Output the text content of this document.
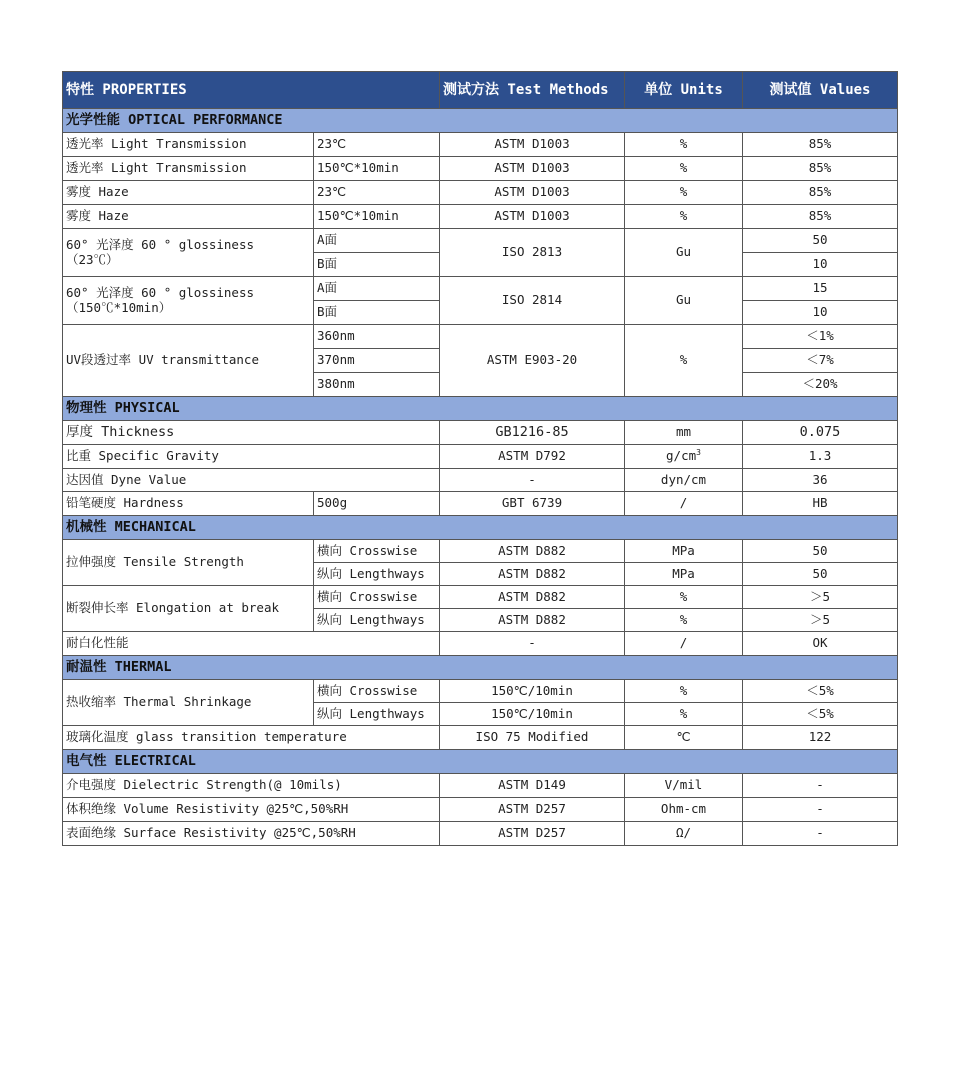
特性 PROPERTIES		测试方法 Test Methods	单位 Units	测试值 Values
光学性能 OPTICAL PERFORMANCE				
透光率 Light Transmission	23℃	ASTM D1003	%	85%
透光率 Light Transmission	150℃*10min	ASTM D1003	%	85%
雾度 Haze	23℃	ASTM D1003	%	85%
雾度 Haze	150℃*10min	ASTM D1003	%	85%

60° 光泽度 60 ° glossiness
（23℃）	A面	ISO 2813	Gu	50
	B面			10

60° 光泽度 60 ° glossiness
（150℃*10min）	A面	ISO 2814	Gu	15
	B面			10
UV段透过率 UV transmittance	360nm	ASTM E903-20	%	＜1%
	370nm			＜7%
	380nm			＜20%
物理性 PHYSICAL				
厚度 Thickness		GB1216-85	mm	0.075
比重 Specific Gravity		ASTM D792	$g/cm^3$	1.3
达因值 Dyne Value		-	dyn/cm	36
铅笔硬度 Hardness	500g	GBT 6739	/	HB
机械性 MECHANICAL				
拉伸强度 Tensile Strength	横向 Crosswise	ASTM D882	MPa	50
	纵向 Lengthways	ASTM D882	MPa	50
断裂伸长率 Elongation at break	横向 Crosswise	ASTM D882	%	＞5
	纵向 Lengthways	ASTM D882	%	＞5
耐白化性能		-	/	OK
耐温性 THERMAL				
热收缩率 Thermal Shrinkage	横向 Crosswise	150℃/10min	%	＜5%
	纵向 Lengthways	150℃/10min	%	＜5%
玻璃化温度 glass transition temperature		ISO 75 Modified	℃	122
电气性 ELECTRICAL				
介电强度 Dielectric Strength(@ 10mils)		ASTM D149	V/mil	-
体积绝缘 Volume Resistivity @25℃,50%RH		ASTM D257	Ohm-cm	-
表面绝缘 Surface Resistivity @25℃,50%RH		ASTM D257	Ω/	-
